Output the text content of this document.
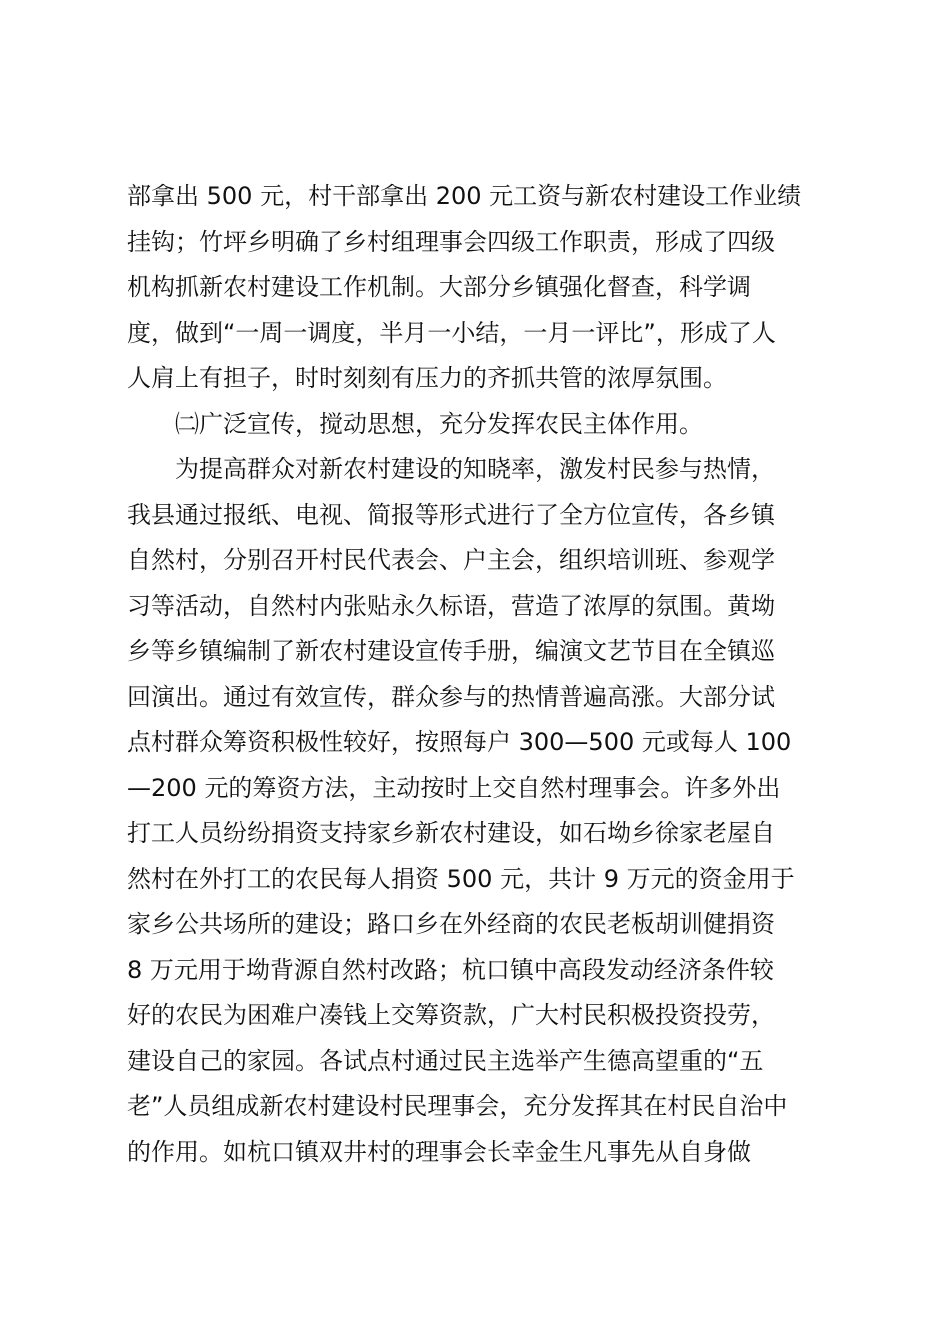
部拿出 500 元，村干部拿出 200 元工资与新农村建设工作业绩
挂钩；竹坪乡明确了乡村组理事会四级工作职责，形成了四级
机构抓新农村建设工作机制。大部分乡镇强化督查，科学调
度，做到“一周一调度，半月一小结，一月一评比”，形成了人
人肩上有担子，时时刻刻有压力的齐抓共管的浓厚氛围。
　　㈡广泛宣传，搅动思想，充分发挥农民主体作用。
　　为提高群众对新农村建设的知晓率，激发村民参与热情，
我县通过报纸、电视、简报等形式进行了全方位宣传，各乡镇
自然村，分别召开村民代表会、户主会，组织培训班、参观学
习等活动，自然村内张贴永久标语，营造了浓厚的氛围。黄坳
乡等乡镇编制了新农村建设宣传手册，编演文艺节目在全镇巡
回演出。通过有效宣传，群众参与的热情普遍高涨。大部分试
点村群众筹资积极性较好，按照每户 300—500 元或每人 100
—200 元的筹资方法，主动按时上交自然村理事会。许多外出
打工人员纷纷捐资支持家乡新农村建设，如石坳乡徐家老屋自
然村在外打工的农民每人捐资 500 元，共计 9 万元的资金用于
家乡公共场所的建设；路口乡在外经商的农民老板胡训健捐资
8 万元用于坳背源自然村改路；杭口镇中高段发动经济条件较
好的农民为困难户凑钱上交筹资款，广大村民积极投资投劳，
建设自己的家园。各试点村通过民主选举产生德高望重的“五
老”人员组成新农村建设村民理事会，充分发挥其在村民自治中
的作用。如杭口镇双井村的理事会长幸金生凡事先从自身做
